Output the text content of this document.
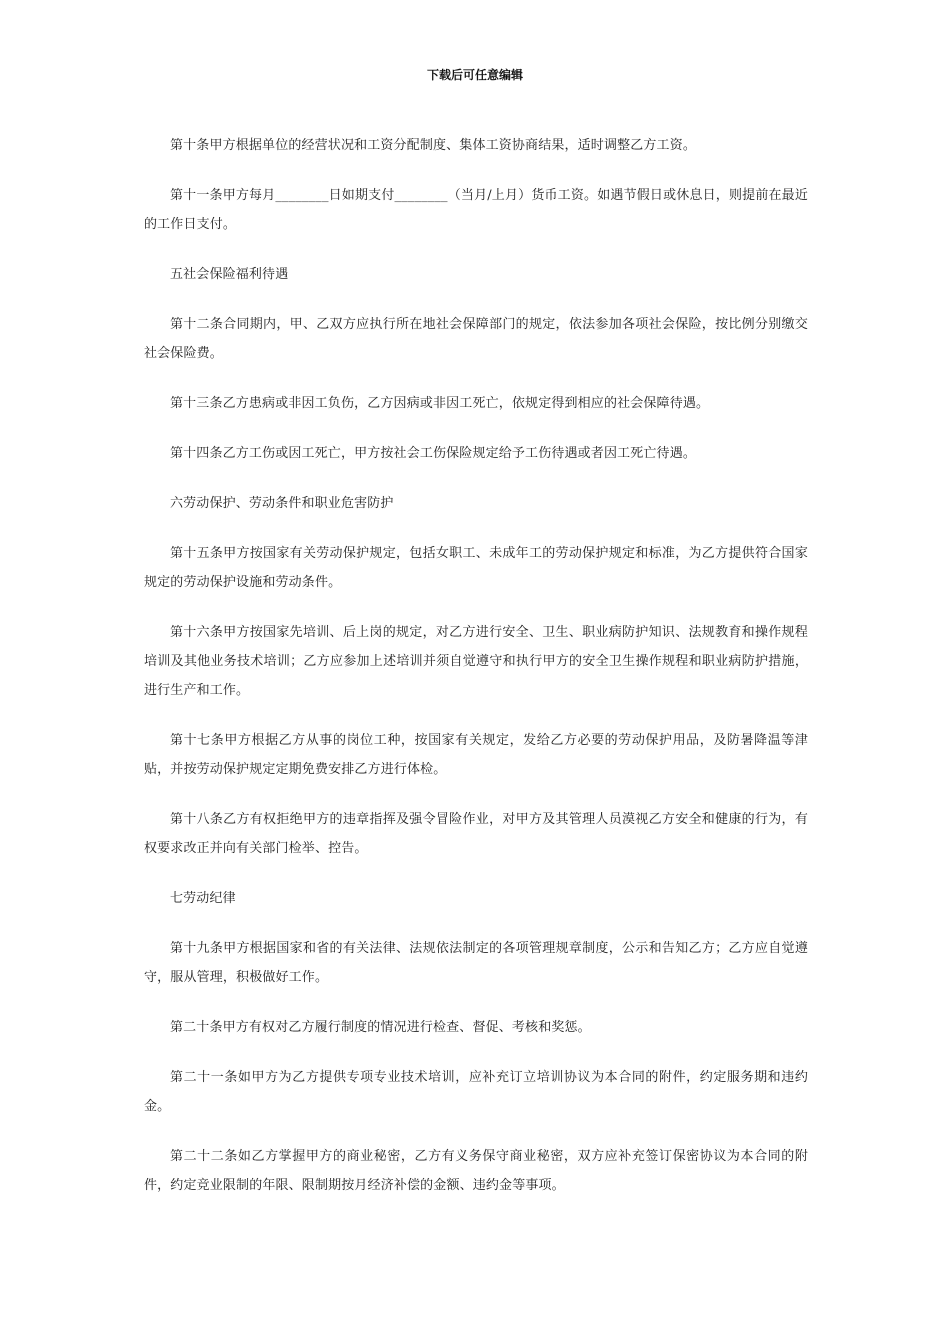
下载后可任意编辑

第十条甲方根据单位的经营状况和工资分配制度、集体工资协商结果，适时调整乙方工资。

第十一条甲方每月________日如期支付________（当月/上月）货币工资。如遇节假日或休息日，则提前在最近的工作日支付。

五社会保险福利待遇

第十二条合同期内，甲、乙双方应执行所在地社会保障部门的规定，依法参加各项社会保险，按比例分别缴交社会保险费。

第十三条乙方患病或非因工负伤，乙方因病或非因工死亡，依规定得到相应的社会保障待遇。

第十四条乙方工伤或因工死亡，甲方按社会工伤保险规定给予工伤待遇或者因工死亡待遇。

六劳动保护、劳动条件和职业危害防护

第十五条甲方按国家有关劳动保护规定，包括女职工、未成年工的劳动保护规定和标准，为乙方提供符合国家规定的劳动保护设施和劳动条件。

第十六条甲方按国家先培训、后上岗的规定，对乙方进行安全、卫生、职业病防护知识、法规教育和操作规程培训及其他业务技术培训；乙方应参加上述培训并须自觉遵守和执行甲方的安全卫生操作规程和职业病防护措施，进行生产和工作。

第十七条甲方根据乙方从事的岗位工种，按国家有关规定，发给乙方必要的劳动保护用品，及防暑降温等津贴，并按劳动保护规定定期免费安排乙方进行体检。

第十八条乙方有权拒绝甲方的违章指挥及强令冒险作业，对甲方及其管理人员漠视乙方安全和健康的行为，有权要求改正并向有关部门检举、控告。

七劳动纪律

第十九条甲方根据国家和省的有关法律、法规依法制定的各项管理规章制度，公示和告知乙方；乙方应自觉遵守，服从管理，积极做好工作。

第二十条甲方有权对乙方履行制度的情况进行检查、督促、考核和奖惩。

第二十一条如甲方为乙方提供专项专业技术培训，应补充订立培训协议为本合同的附件，约定服务期和违约金。

第二十二条如乙方掌握甲方的商业秘密，乙方有义务保守商业秘密，双方应补充签订保密协议为本合同的附件，约定竞业限制的年限、限制期按月经济补偿的金额、违约金等事项。
